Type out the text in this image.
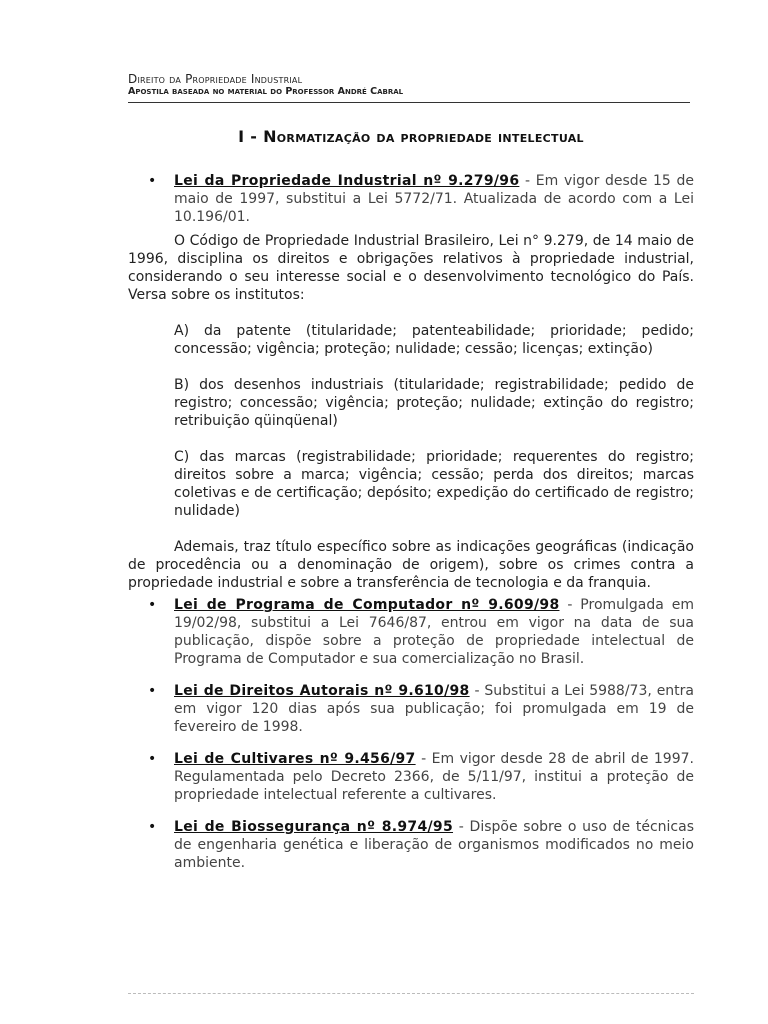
Direito da Propriedade Industrial
Apostila baseada no material do Professor André Cabral
I - Normatização da propriedade intelectual
• Lei da Propriedade Industrial nº 9.279/96 - Em vigor desde 15 de maio de 1997, substitui a Lei 5772/71. Atualizada de acordo com a Lei 10.196/01.
O Código de Propriedade Industrial Brasileiro, Lei n° 9.279, de 14 maio de 1996, disciplina os direitos e obrigações relativos à propriedade industrial, considerando o seu interesse social e o desenvolvimento tecnológico do País. Versa sobre os institutos:
A) da patente (titularidade; patenteabilidade; prioridade; pedido; concessão; vigência; proteção; nulidade; cessão; licenças; extinção)
B) dos desenhos industriais (titularidade; registrabilidade; pedido de registro; concessão; vigência; proteção; nulidade; extinção do registro; retribuição qüinqüenal)
C) das marcas (registrabilidade; prioridade; requerentes do registro; direitos sobre a marca; vigência; cessão; perda dos direitos; marcas coletivas e de certificação; depósito; expedição do certificado de registro; nulidade)
Ademais, traz título específico sobre as indicações geográficas (indicação de procedência ou a denominação de origem), sobre os crimes contra a propriedade industrial e sobre a transferência de tecnologia e da franquia.
• Lei de Programa de Computador nº 9.609/98 - Promulgada em 19/02/98, substitui a Lei 7646/87, entrou em vigor na data de sua publicação, dispõe sobre a proteção de propriedade intelectual de Programa de Computador e sua comercialização no Brasil.
• Lei de Direitos Autorais nº 9.610/98 - Substitui a Lei 5988/73, entra em vigor 120 dias após sua publicação; foi promulgada em 19 de fevereiro de 1998.
• Lei de Cultivares nº 9.456/97 - Em vigor desde 28 de abril de 1997. Regulamentada pelo Decreto 2366, de 5/11/97, institui a proteção de propriedade intelectual referente a cultivares.
• Lei de Biossegurança nº 8.974/95 - Dispõe sobre o uso de técnicas de engenharia genética e liberação de organismos modificados no meio ambiente.
